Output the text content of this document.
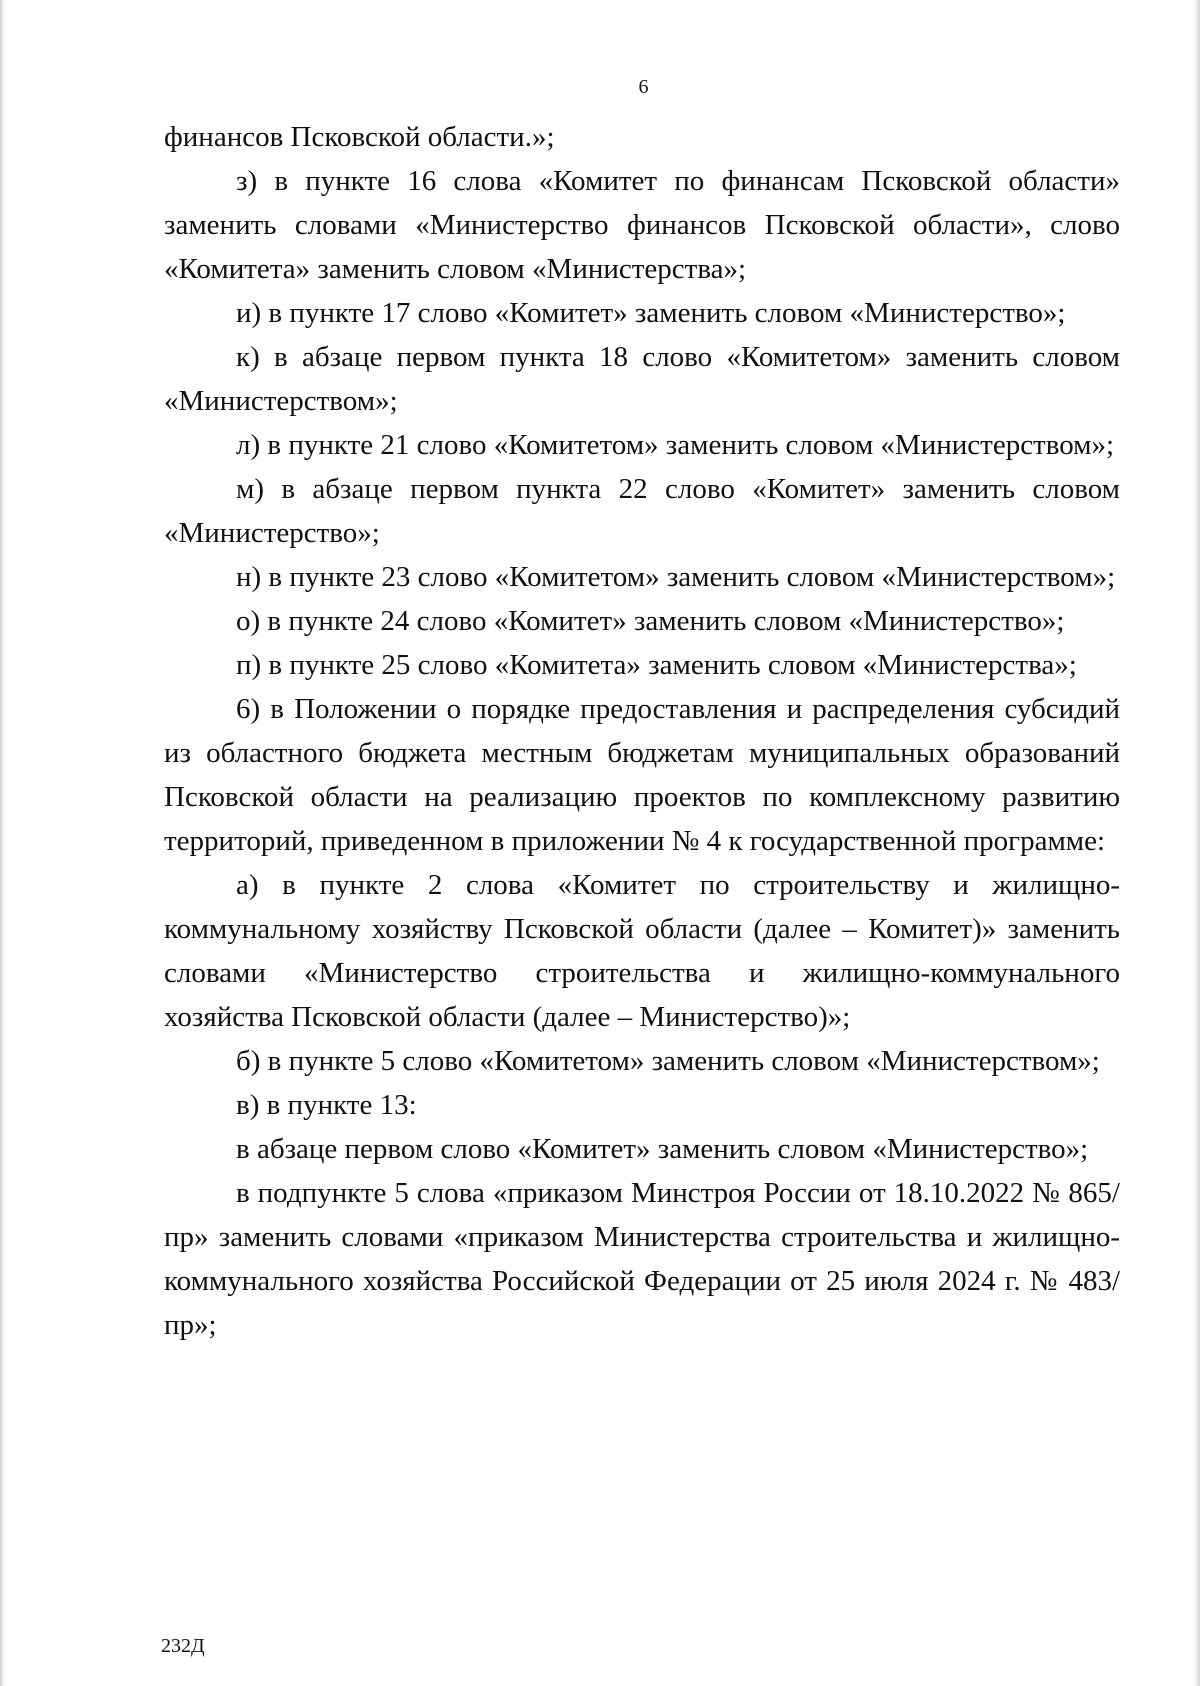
6

финансов Псковской области.»;

з) в пункте 16 слова «Комитет по финансам Псковской области» заменить словами «Министерство финансов Псковской области», слово «Комитета» заменить словом «Министерства»;

и) в пункте 17 слово «Комитет» заменить словом «Министерство»;

к) в абзаце первом пункта 18 слово «Комитетом» заменить словом «Министерством»;

л) в пункте 21 слово «Комитетом» заменить словом «Министерством»;

м) в абзаце первом пункта 22 слово «Комитет» заменить словом «Министерство»;

н) в пункте 23 слово «Комитетом» заменить словом «Министерством»;

о) в пункте 24 слово «Комитет» заменить словом «Министерство»;

п) в пункте 25 слово «Комитета» заменить словом «Министерства»;

6) в Положении о порядке предоставления и распределения субсидий из областного бюджета местным бюджетам муниципальных образований Псковской области на реализацию проектов по комплексному развитию территорий, приведенном в приложении № 4 к государственной программе:

а) в пункте 2 слова «Комитет по строительству и жилищно-коммунальному хозяйству Псковской области (далее – Комитет)» заменить словами «Министерство строительства и жилищно-коммунального хозяйства Псковской области (далее – Министерство)»;

б) в пункте 5 слово «Комитетом» заменить словом «Министерством»;

в) в пункте 13:

в абзаце первом слово «Комитет» заменить словом «Министерство»;

в подпункте 5 слова «приказом Минстроя России от 18.10.2022 № 865/пр» заменить словами «приказом Министерства строительства и жилищно-коммунального хозяйства Российской Федерации от 25 июля 2024 г. № 483/пр»;

232Д
